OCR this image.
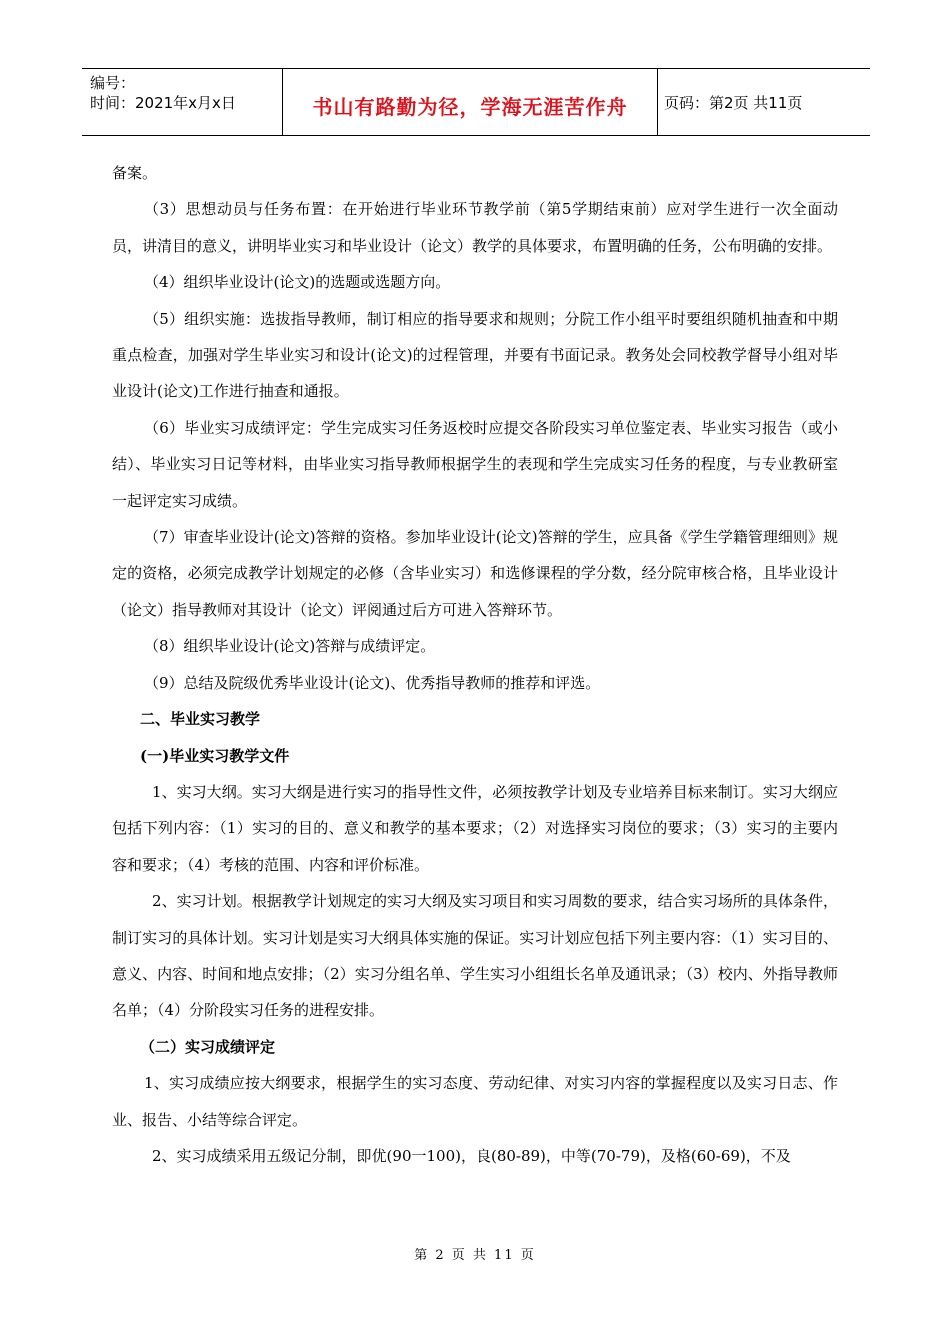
编号：
时间：2021年x月x日	书山有路勤为径，学海无涯苦作舟	页码：第2页 共11页

备案。

（3）思想动员与任务布置：在开始进行毕业环节教学前（第5学期结束前）应对学生进行一次全面动员，讲清目的意义，讲明毕业实习和毕业设计（论文）教学的具体要求，布置明确的任务，公布明确的安排。

（4）组织毕业设计(论文)的选题或选题方向。

（5）组织实施：选拔指导教师，制订相应的指导要求和规则；分院工作小组平时要组织随机抽查和中期重点检查，加强对学生毕业实习和设计(论文)的过程管理，并要有书面记录。教务处会同校教学督导小组对毕业设计(论文)工作进行抽查和通报。

（6）毕业实习成绩评定：学生完成实习任务返校时应提交各阶段实习单位鉴定表、毕业实习报告（或小结）、毕业实习日记等材料，由毕业实习指导教师根据学生的表现和学生完成实习任务的程度，与专业教研室一起评定实习成绩。

（7）审查毕业设计(论文)答辩的资格。参加毕业设计(论文)答辩的学生，应具备《学生学籍管理细则》规定的资格，必须完成教学计划规定的必修（含毕业实习）和选修课程的学分数，经分院审核合格，且毕业设计（论文）指导教师对其设计（论文）评阅通过后方可进入答辩环节。

（8）组织毕业设计(论文)答辩与成绩评定。

（9）总结及院级优秀毕业设计(论文)、优秀指导教师的推荐和评选。

二、毕业实习教学

(一)毕业实习教学文件

1、实习大纲。实习大纲是进行实习的指导性文件，必须按教学计划及专业培养目标来制订。实习大纲应包括下列内容：（1）实习的目的、意义和教学的基本要求；（2）对选择实习岗位的要求；（3）实习的主要内容和要求；（4）考核的范围、内容和评价标准。

2、实习计划。根据教学计划规定的实习大纲及实习项目和实习周数的要求，结合实习场所的具体条件，制订实习的具体计划。实习计划是实习大纲具体实施的保证。实习计划应包括下列主要内容：（1）实习目的、意义、内容、时间和地点安排；（2）实习分组名单、学生实习小组组长名单及通讯录；（3）校内、外指导教师名单；（4）分阶段实习任务的进程安排。

（二）实习成绩评定

1、实习成绩应按大纲要求，根据学生的实习态度、劳动纪律、对实习内容的掌握程度以及实习日志、作业、报告、小结等综合评定。

2、实习成绩采用五级记分制，即优(90一100)，良(80-89)，中等(70-79)，及格(60-69)，不及

第 2 页 共 11 页
